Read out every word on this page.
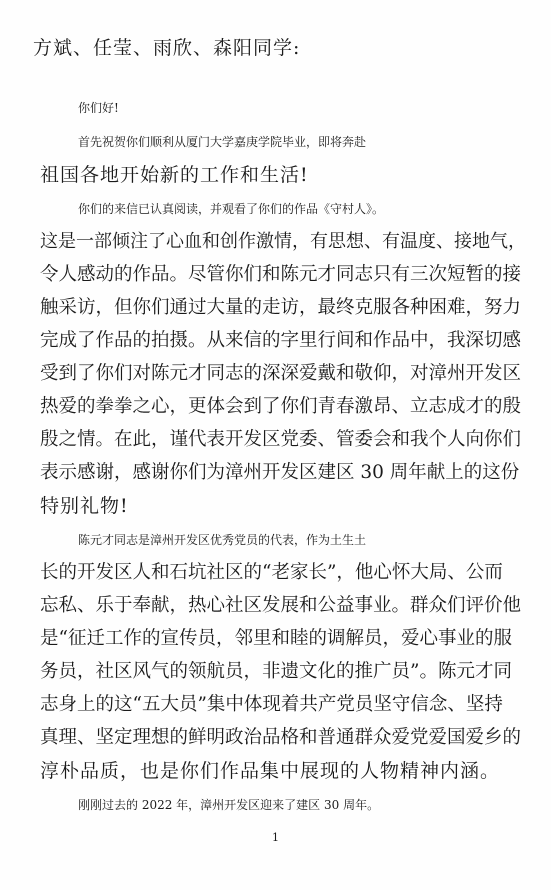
方斌、任莹、雨欣、森阳同学:
你们好!
首先祝贺你们顺利从厦门大学嘉庚学院毕业，即将奔赴
祖国各地开始新的工作和生活!
你们的来信已认真阅读，并观看了你们的作品《守村人》。
这是一部倾注了心血和创作激情，有思想、有温度、接地气，
令人感动的作品。尽管你们和陈元才同志只有三次短暂的接
触采访，但你们通过大量的走访，最终克服各种困难，努力
完成了作品的拍摄。从来信的字里行间和作品中，我深切感
受到了你们对陈元才同志的深深爱戴和敬仰，对漳州开发区
热爱的拳拳之心，更体会到了你们青春激昂、立志成才的殷
殷之情。在此，谨代表开发区党委、管委会和我个人向你们
表示感谢，感谢你们为漳州开发区建区 30 周年献上的这份
特别礼物!
陈元才同志是漳州开发区优秀党员的代表，作为土生土
长的开发区人和石坑社区的“老家长”，他心怀大局、公而
忘私、乐于奉献，热心社区发展和公益事业。群众们评价他
是“征迁工作的宣传员，邻里和睦的调解员，爱心事业的服
务员，社区风气的领航员，非遗文化的推广员”。陈元才同
志身上的这“五大员”集中体现着共产党员坚守信念、坚持
真理、坚定理想的鲜明政治品格和普通群众爱党爱国爱乡的
淳朴品质，也是你们作品集中展现的人物精神内涵。
刚刚过去的 2022 年，漳州开发区迎来了建区 30 周年。
1
